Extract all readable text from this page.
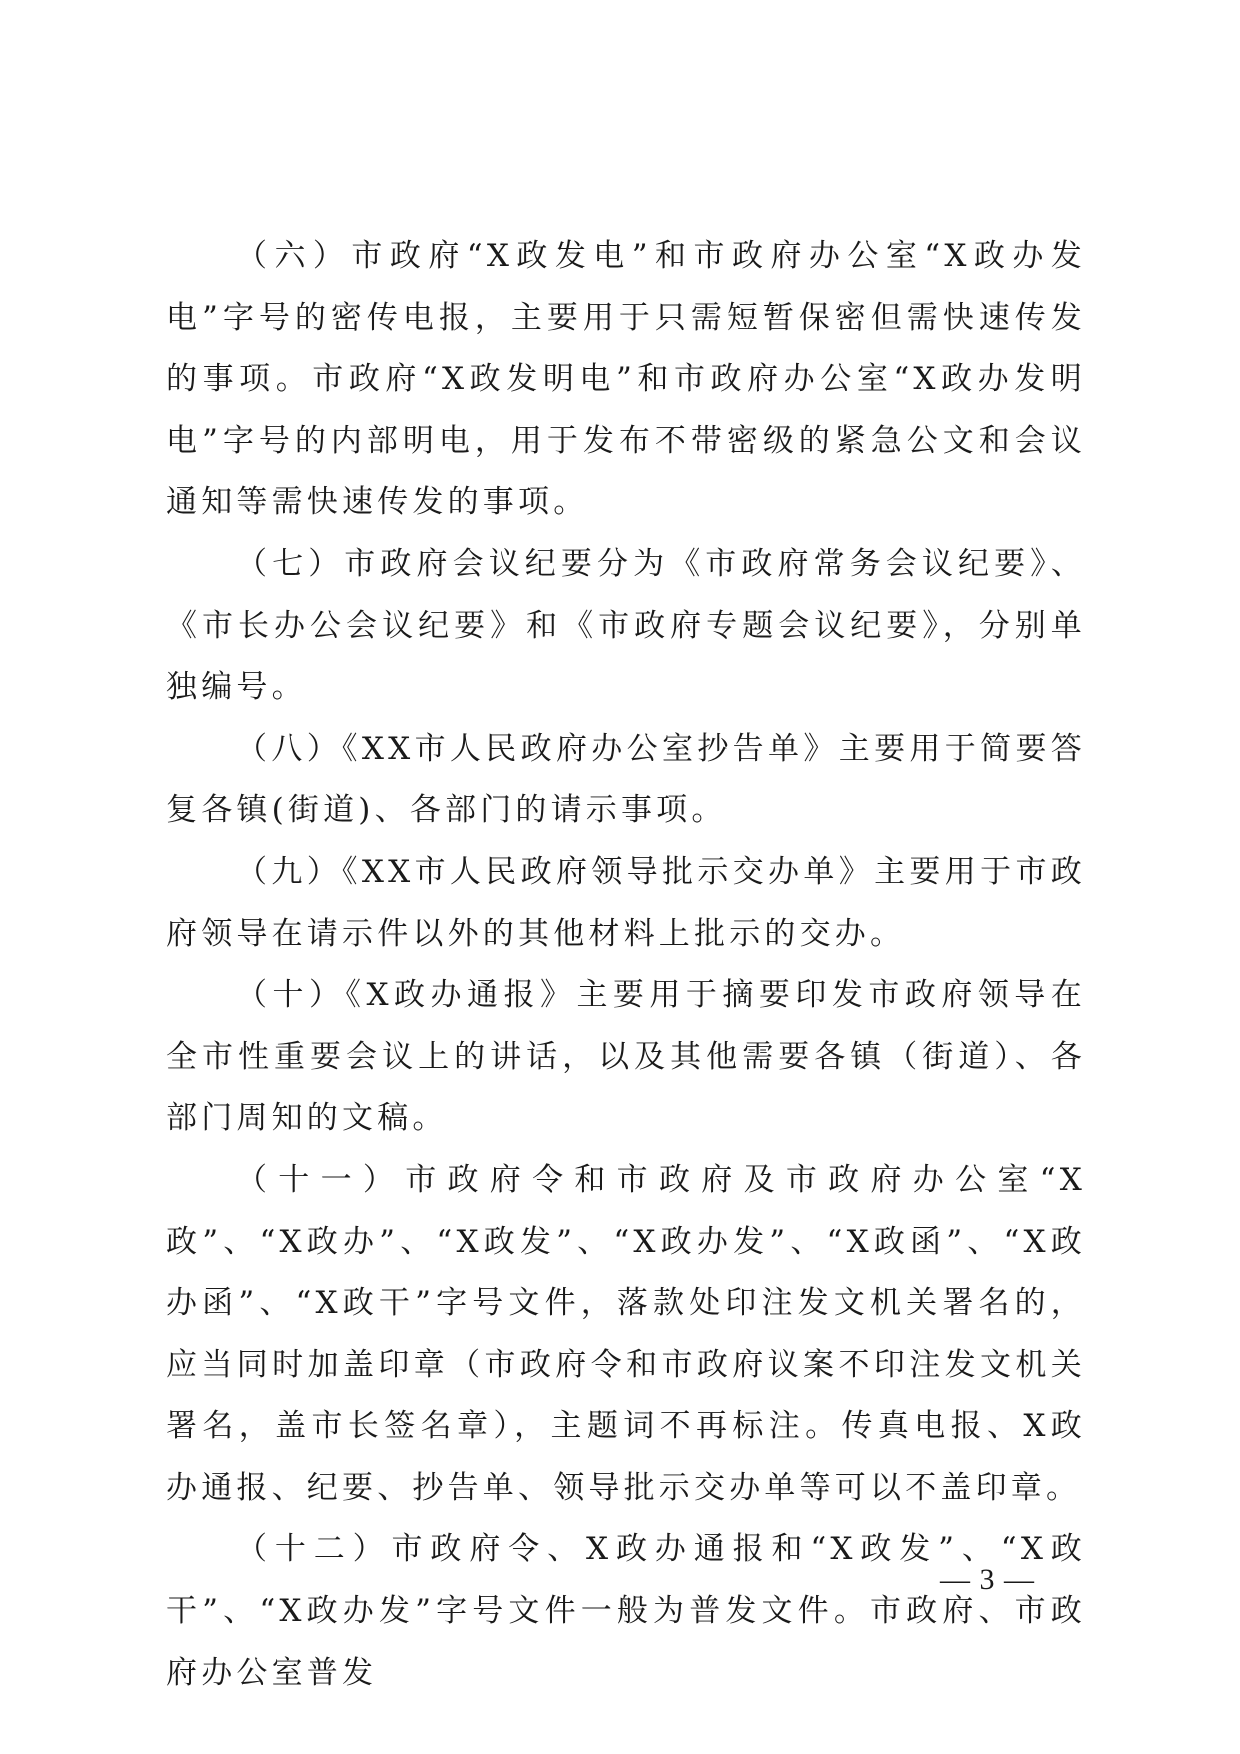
（六）市政府“X政发电”和市政府办公室“X政办发电”字号的密传电报，主要用于只需短暂保密但需快速传发的事项。市政府“X政发明电”和市政府办公室“X政办发明电”字号的内部明电，用于发布不带密级的紧急公文和会议通知等需快速传发的事项。

（七）市政府会议纪要分为《市政府常务会议纪要》、《市长办公会议纪要》和《市政府专题会议纪要》，分别单独编号。

（八）《XX市人民政府办公室抄告单》主要用于简要答复各镇(街道)、各部门的请示事项。

（九）《XX市人民政府领导批示交办单》主要用于市政府领导在请示件以外的其他材料上批示的交办。

（十）《X政办通报》主要用于摘要印发市政府领导在全市性重要会议上的讲话，以及其他需要各镇（街道）、各部门周知的文稿。

（十一）市政府令和市政府及市政府办公室“X政”、“X政办”、“X政发”、“X政办发”、“X政函”、“X政办函”、“X政干”字号文件，落款处印注发文机关署名的，应当同时加盖印章（市政府令和市政府议案不印注发文机关署名，盖市长签名章），主题词不再标注。传真电报、X政办通报、纪要、抄告单、领导批示交办单等可以不盖印章。

（十二）市政府令、X政办通报和“X政发”、“X政干”、“X政办发”字号文件一般为普发文件。市政府、市政府办公室普发

— 3 —
